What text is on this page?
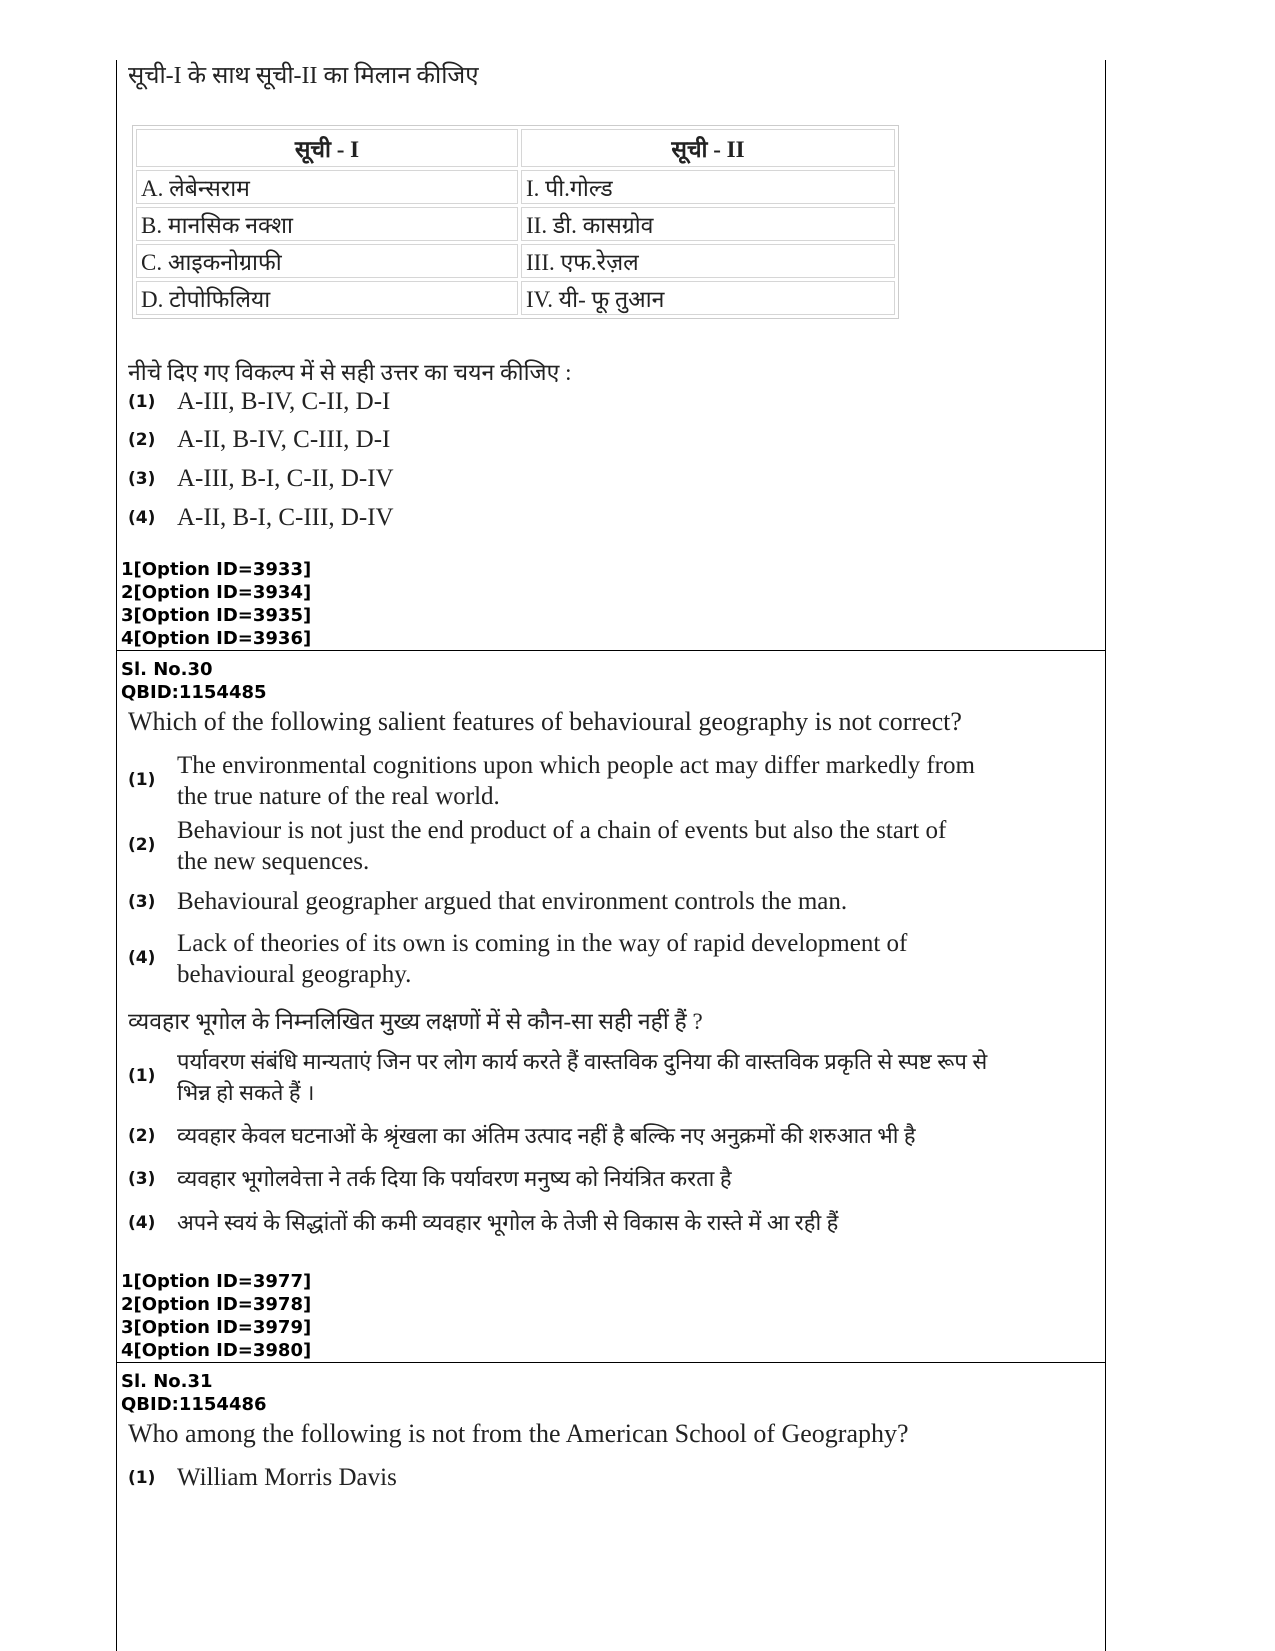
सूची-I के साथ सूची-II का मिलान कीजिए
सूची - I	सूची - II
A. लेबेन्सराम	I. पी.गोल्ड
B. मानसिक नक्शा	II. डी. कासग्रोव
C. आइकनोग्राफी	III. एफ.रेज़ल
D. टोपोफिलिया	IV. यी- फू तुआन
नीचे दिए गए विकल्प में से सही उत्तर का चयन कीजिए :
(1) A-III, B-IV, C-II, D-I
(2) A-II, B-IV, C-III, D-I
(3) A-III, B-I, C-II, D-IV
(4) A-II, B-I, C-III, D-IV
1[Option ID=3933]
2[Option ID=3934]
3[Option ID=3935]
4[Option ID=3936]
Sl. No.30
QBID:1154485
Which of the following salient features of behavioural geography is not correct?
(1)
The environmental cognitions upon which people act may differ markedly from
the true nature of the real world.
(2)
Behaviour is not just the end product of a chain of events but also the start of
the new sequences.
(3) Behavioural geographer argued that environment controls the man.
(4)
Lack of theories of its own is coming in the way of rapid development of
behavioural geography.
व्यवहार भूगोल के निम्नलिखित मुख्य लक्षणों में से कौन-सा सही नहीं हैं ?
(1)
पर्यावरण संबंधि मान्यताएं जिन पर लोग कार्य करते हैं वास्तविक दुनिया की वास्तविक प्रकृति से स्पष्ट रूप से
भिन्न हो सकते हैं ।
(2) व्यवहार केवल घटनाओं के श्रृंखला का अंतिम उत्पाद नहीं है बल्कि नए अनुक्रमों की शरुआत भी है
(3) व्यवहार भूगोलवेत्ता ने तर्क दिया कि पर्यावरण मनुष्य को नियंत्रित करता है
(4) अपने स्वयं के सिद्धांतों की कमी व्यवहार भूगोल के तेजी से विकास के रास्ते में आ रही हैं
1[Option ID=3977]
2[Option ID=3978]
3[Option ID=3979]
4[Option ID=3980]
Sl. No.31
QBID:1154486
Who among the following is not from the American School of Geography?
(1) William Morris Davis
